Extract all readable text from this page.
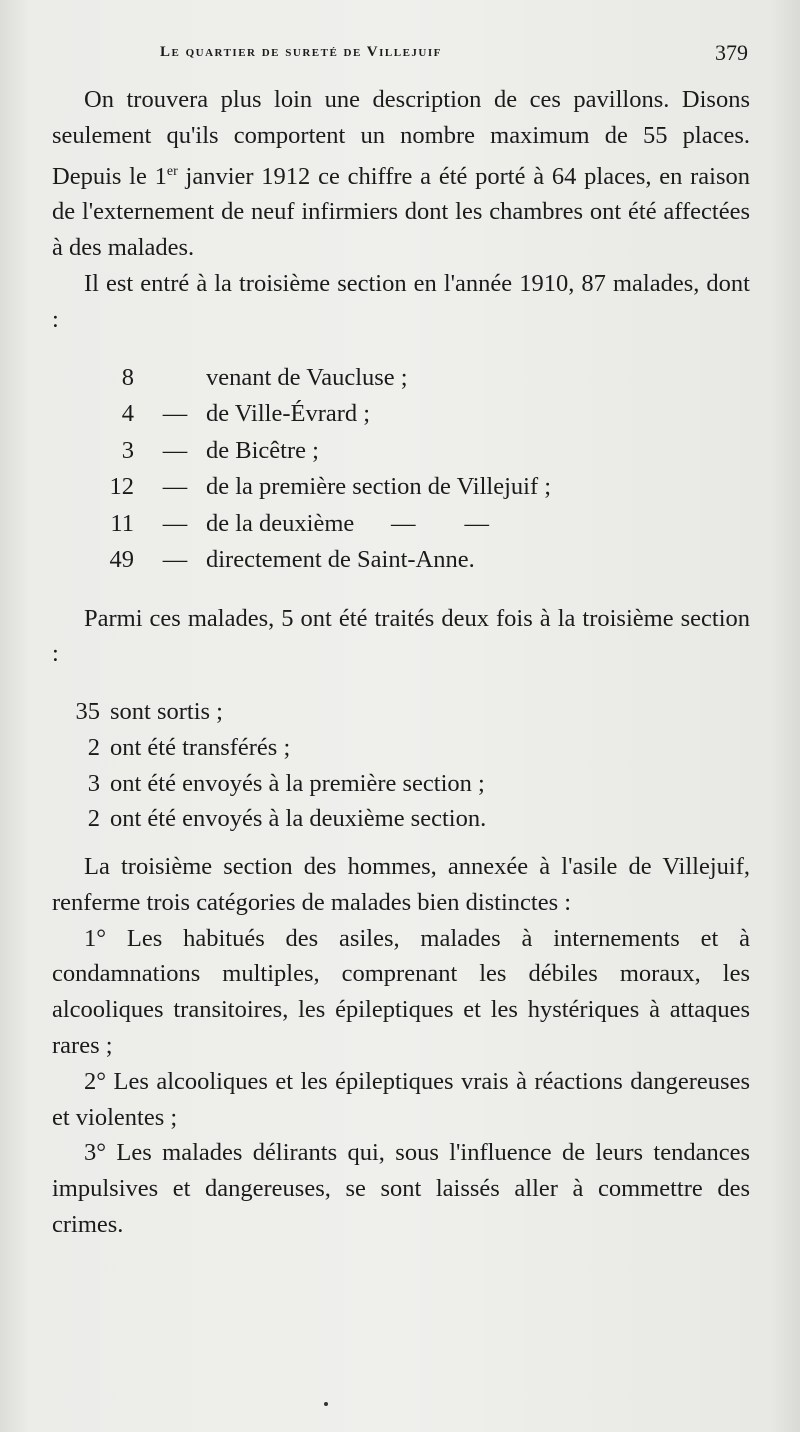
Le quartier de sureté de Villejuif	379

On trouvera plus loin une description de ces pavillons. Disons seulement qu'ils comportent un nombre maximum de 55 places. Depuis le 1er janvier 1912 ce chiffre a été porté à 64 places, en raison de l'externement de neuf infirmiers dont les chambres ont été affectées à des malades.

Il est entré à la troisième section en l'année 1910, 87 malades, dont :

8	venant de Vaucluse ;
4	— de Ville-Évrard ;
3	— de Bicêtre ;
12	— de la première section de Villejuif ;
11	— de la deuxième      —        —
49	— directement de Saint-Anne.

Parmi ces malades, 5 ont été traités deux fois à la troisième section :

35 sont sortis ;
2 ont été transférés ;
3 ont été envoyés à la première section ;
2 ont été envoyés à la deuxième section.

La troisième section des hommes, annexée à l'asile de Villejuif, renferme trois catégories de malades bien distinctes :

1° Les habitués des asiles, malades à internements et à condamnations multiples, comprenant les débiles moraux, les alcooliques transitoires, les épileptiques et les hystériques à attaques rares ;

2° Les alcooliques et les épileptiques vrais à réactions dangereuses et violentes ;

3° Les malades délirants qui, sous l'influence de leurs tendances impulsives et dangereuses, se sont laissés aller à commettre des crimes.
